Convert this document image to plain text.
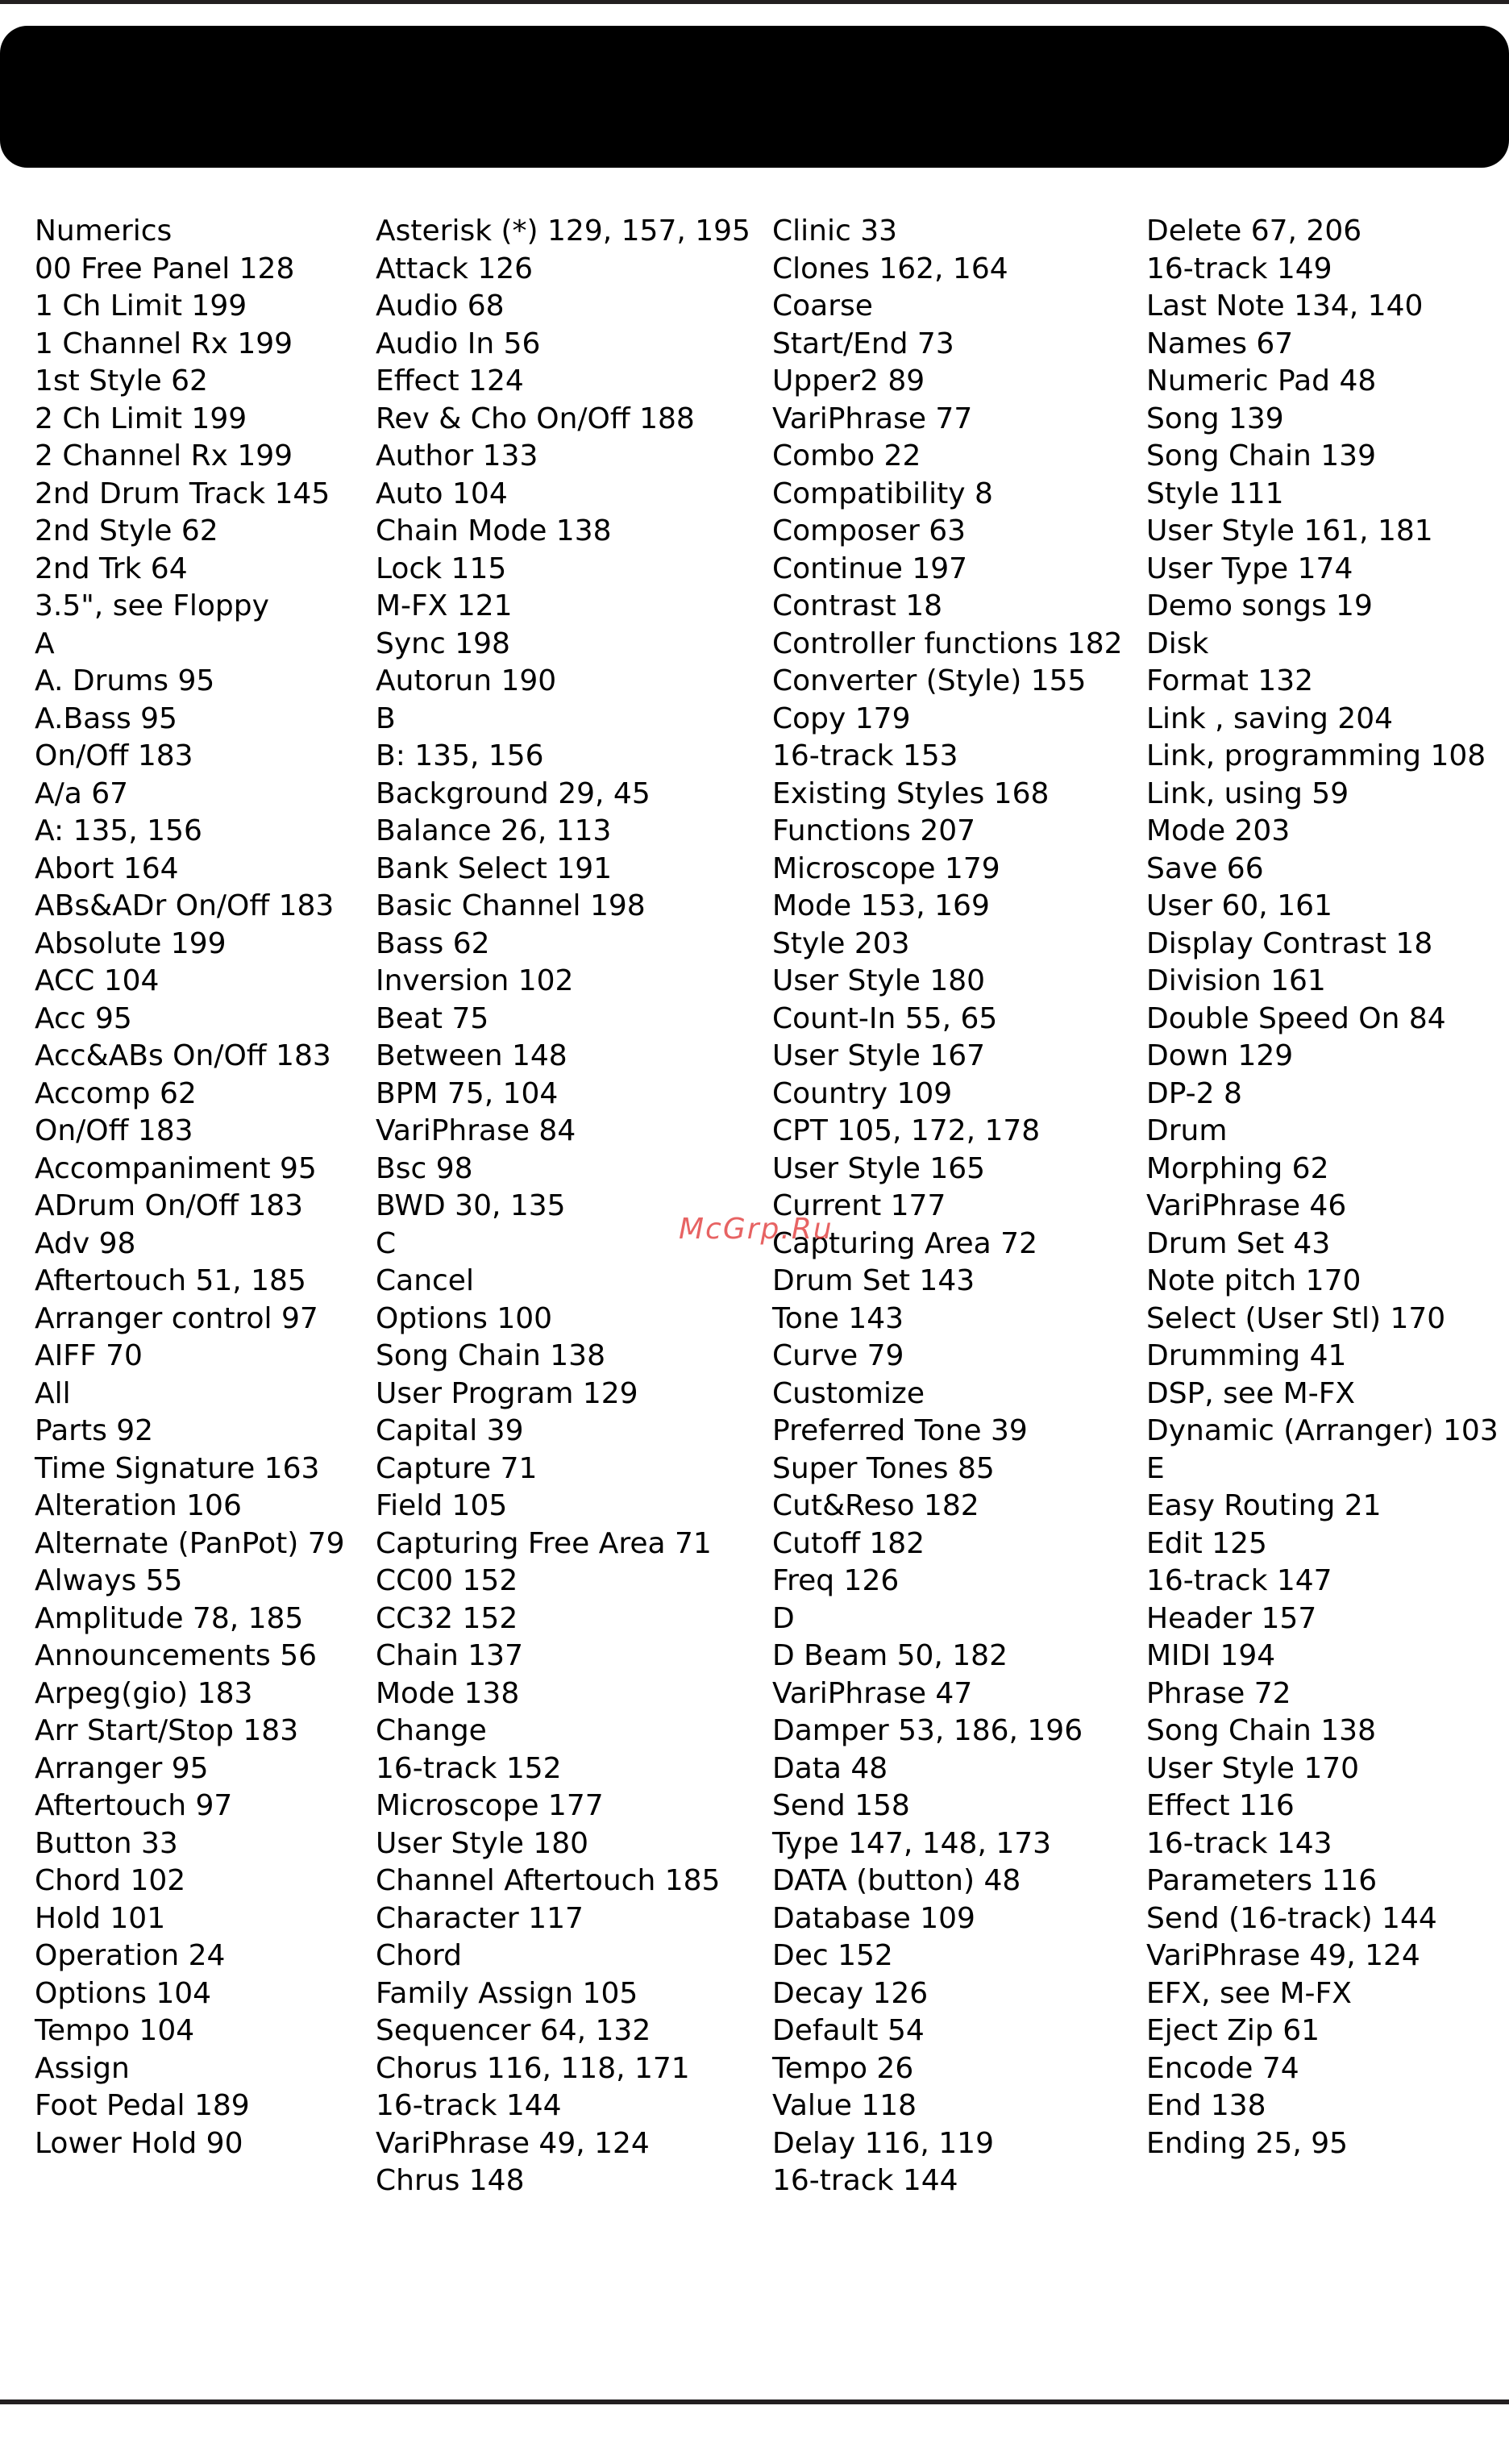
Numerics
00 Free Panel 128
1 Ch Limit 199
1 Channel Rx 199
1st Style 62
2 Ch Limit 199
2 Channel Rx 199
2nd Drum Track 145
2nd Style 62
2nd Trk 64
3.5", see Floppy
A
A. Drums 95
A.Bass 95
On/Off 183
A/a 67
A: 135, 156
Abort 164
ABs&ADr On/Off 183
Absolute 199
ACC 104
Acc 95
Acc&ABs On/Off 183
Accomp 62
On/Off 183
Accompaniment 95
ADrum On/Off 183
Adv 98
Aftertouch 51, 185
Arranger control 97
AIFF 70
All
Parts 92
Time Signature 163
Alteration 106
Alternate (PanPot) 79
Always 55
Amplitude 78, 185
Announcements 56
Arpeg(gio) 183
Arr Start/Stop 183
Arranger 95
Aftertouch 97
Button 33
Chord 102
Hold 101
Operation 24
Options 104
Tempo 104
Assign
Foot Pedal 189
Lower Hold 90
Asterisk (*) 129, 157, 195
Attack 126
Audio 68
Audio In 56
Effect 124
Rev & Cho On/Off 188
Author 133
Auto 104
Chain Mode 138
Lock 115
M-FX 121
Sync 198
Autorun 190
B
B: 135, 156
Background 29, 45
Balance 26, 113
Bank Select 191
Basic Channel 198
Bass 62
Inversion 102
Beat 75
Between 148
BPM 75, 104
VariPhrase 84
Bsc 98
BWD 30, 135
C
Cancel
Options 100
Song Chain 138
User Program 129
Capital 39
Capture 71
Field 105
Capturing Free Area 71
CC00 152
CC32 152
Chain 137
Mode 138
Change
16-track 152
Microscope 177
User Style 180
Channel Aftertouch 185
Character 117
Chord
Family Assign 105
Sequencer 64, 132
Chorus 116, 118, 171
16-track 144
VariPhrase 49, 124
Chrus 148
Clinic 33
Clones 162, 164
Coarse
Start/End 73
Upper2 89
VariPhrase 77
Combo 22
Compatibility 8
Composer 63
Continue 197
Contrast 18
Controller functions 182
Converter (Style) 155
Copy 179
16-track 153
Existing Styles 168
Functions 207
Microscope 179
Mode 153, 169
Style 203
User Style 180
Count-In 55, 65
User Style 167
Country 109
CPT 105, 172, 178
User Style 165
Current 177
Capturing Area 72
Drum Set 143
Tone 143
Curve 79
Customize
Preferred Tone 39
Super Tones 85
Cut&Reso 182
Cutoff 182
Freq 126
D
D Beam 50, 182
VariPhrase 47
Damper 53, 186, 196
Data 48
Send 158
Type 147, 148, 173
DATA (button) 48
Database 109
Dec 152
Decay 126
Default 54
Tempo 26
Value 118
Delay 116, 119
16-track 144
Delete 67, 206
16-track 149
Last Note 134, 140
Names 67
Numeric Pad 48
Song 139
Song Chain 139
Style 111
User Style 161, 181
User Type 174
Demo songs 19
Disk
Format 132
Link , saving 204
Link, programming 108
Link, using 59
Mode 203
Save 66
User 60, 161
Display Contrast 18
Division 161
Double Speed On 84
Down 129
DP-2 8
Drum
Morphing 62
VariPhrase 46
Drum Set 43
Note pitch 170
Select (User Stl) 170
Drumming 41
DSP, see M-FX
Dynamic (Arranger) 103
E
Easy Routing 21
Edit 125
16-track 147
Header 157
MIDI 194
Phrase 72
Song Chain 138
User Style 170
Effect 116
16-track 143
Parameters 116
Send (16-track) 144
VariPhrase 49, 124
EFX, see M-FX
Eject Zip 61
Encode 74
End 138
Ending 25, 95
McGrp.Ru
